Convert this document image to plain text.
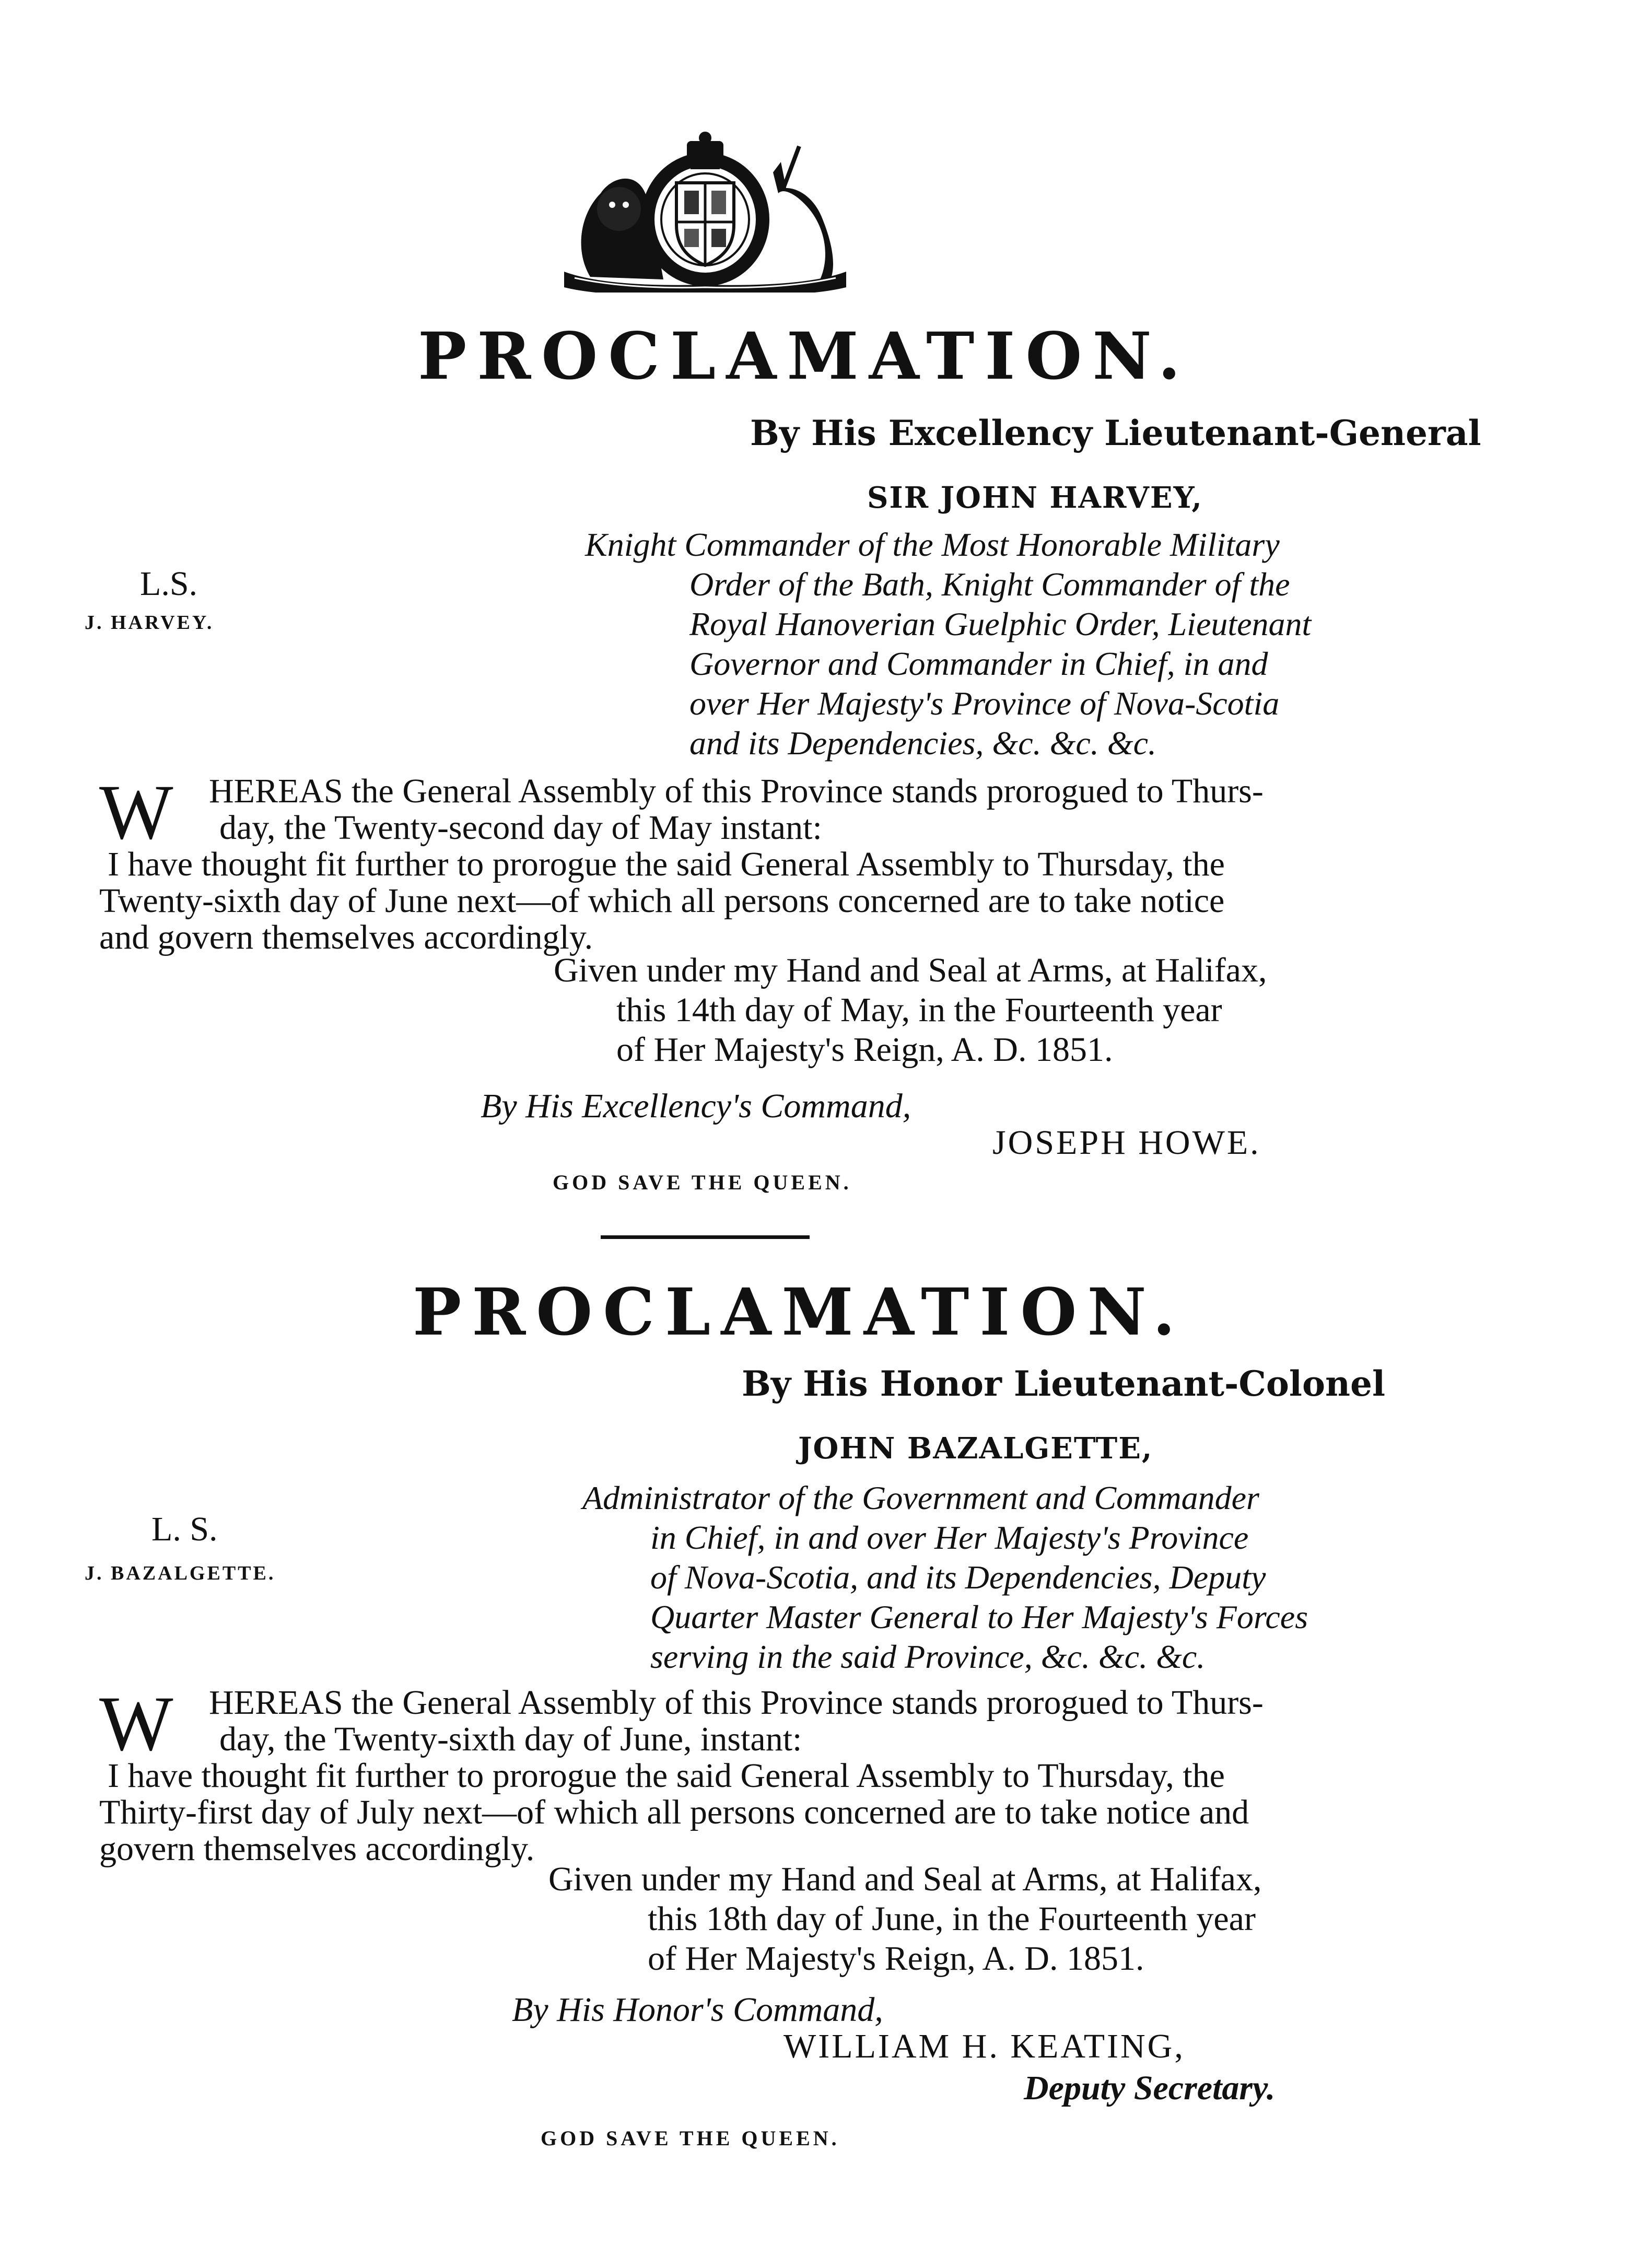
PROCLAMATION.
By His Excellency Lieutenant-General
SIR JOHN HARVEY,
L.S.
J. HARVEY.
Knight Commander of the Most Honorable Military
Order of the Bath, Knight Commander of the
Royal Hanoverian Guelphic Order, Lieutenant
Governor and Commander in Chief, in and
over Her Majesty's Province of Nova-Scotia
and its Dependencies, &c. &c. &c.
W	HEREAS the General Assembly of this Province stands prorogued to Thurs-
day, the Twenty-second day of May instant:
I have thought fit further to prorogue the said General Assembly to Thursday, the
Twenty-sixth day of June next—of which all persons concerned are to take notice
and govern themselves accordingly.
Given under my Hand and Seal at Arms, at Halifax,
this 14th day of May, in the Fourteenth year
of Her Majesty's Reign, A. D. 1851.
By His Excellency's Command,
JOSEPH HOWE.
GOD SAVE THE QUEEN.
PROCLAMATION.
By His Honor Lieutenant-Colonel
JOHN BAZALGETTE,
L. S.
J. BAZALGETTE.
Administrator of the Government and Commander
in Chief, in and over Her Majesty's Province
of Nova-Scotia, and its Dependencies, Deputy
Quarter Master General to Her Majesty's Forces
serving in the said Province, &c. &c. &c.
W	HEREAS the General Assembly of this Province stands prorogued to Thurs-
day, the Twenty-sixth day of June, instant:
I have thought fit further to prorogue the said General Assembly to Thursday, the
Thirty-first day of July next—of which all persons concerned are to take notice and
govern themselves accordingly.
Given under my Hand and Seal at Arms, at Halifax,
this 18th day of June, in the Fourteenth year
of Her Majesty's Reign, A. D. 1851.
By His Honor's Command,
WILLIAM H. KEATING,
Deputy Secretary.
GOD SAVE THE QUEEN.
